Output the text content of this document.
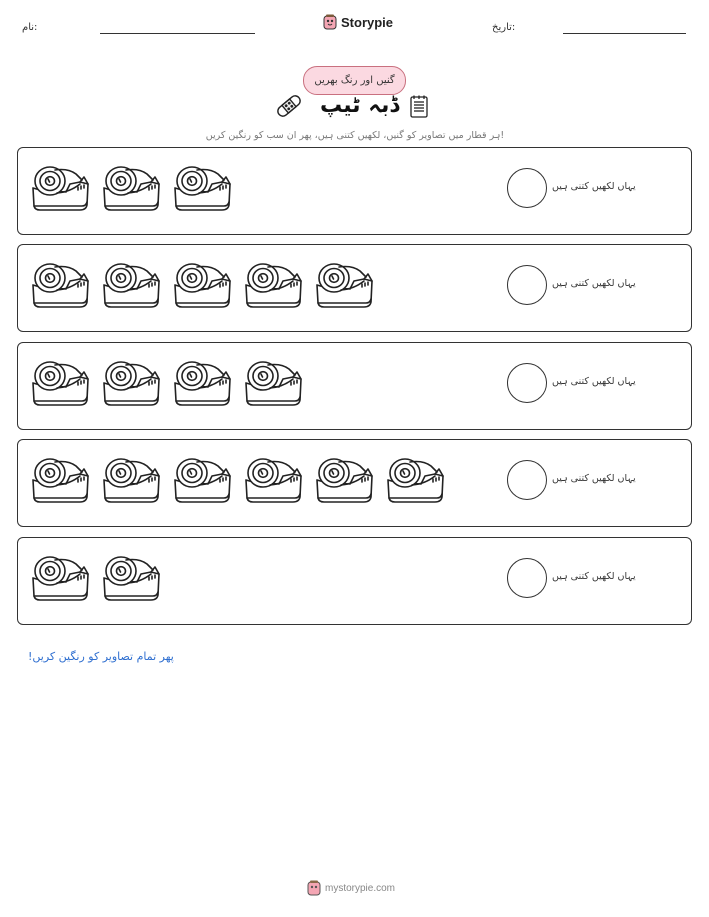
نام:	Storypie	تاریخ:
گنیں اور رنگ بھریں
ڈبہ ٹیپ
ہر قطار میں تصاویر کو گنیں، لکھیں کتنی ہیں، پھر ان سب کو رنگین کریں!
یہاں لکھیں کتنی ہیں
یہاں لکھیں کتنی ہیں
یہاں لکھیں کتنی ہیں
یہاں لکھیں کتنی ہیں
یہاں لکھیں کتنی ہیں
پھر تمام تصاویر کو رنگین کریں!
mystorypie.com
